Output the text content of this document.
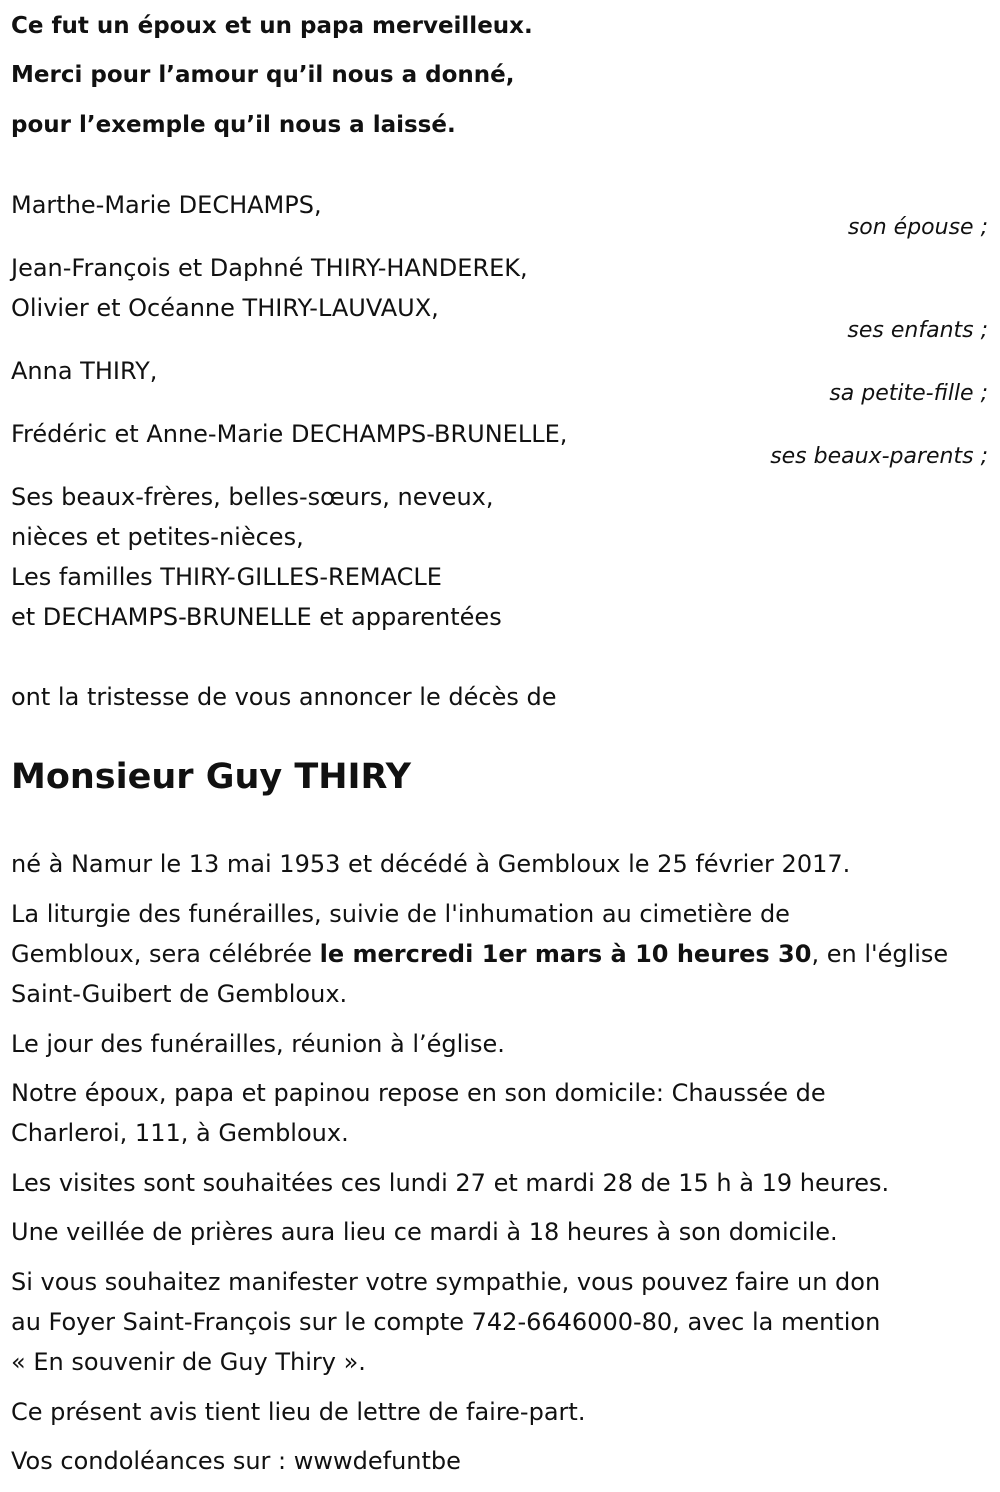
Ce fut un époux et un papa merveilleux.

Merci pour l’amour qu’il nous a donné,

pour l’exemple qu’il nous a laissé.

Marthe-Marie DECHAMPS,

son épouse ;

Jean-François et Daphné THIRY-HANDEREK,

Olivier et Océanne THIRY-LAUVAUX,

ses enfants ;

Anna THIRY,

sa petite-fille ;

Frédéric et Anne-Marie DECHAMPS-BRUNELLE,

ses beaux-parents ;

Ses beaux-frères, belles-sœurs, neveux,

nièces et petites-nièces,

Les familles THIRY-GILLES-REMACLE

et DECHAMPS-BRUNELLE et apparentées

ont la tristesse de vous annoncer le décès de

Monsieur Guy THIRY

né à Namur le 13 mai 1953 et décédé à Gembloux le 25 février 2017.

La liturgie des funérailles, suivie de l'inhumation au cimetière de

Gembloux, sera célébrée le mercredi 1er mars à 10 heures 30, en l'église

Saint-Guibert de Gembloux.

Le jour des funérailles, réunion à l’église.

Notre époux, papa et papinou repose en son domicile: Chaussée de

Charleroi, 111, à Gembloux.

Les visites sont souhaitées ces lundi 27 et mardi 28 de 15 h à 19 heures.

Une veillée de prières aura lieu ce mardi à 18 heures à son domicile.

Si vous souhaitez manifester votre sympathie, vous pouvez faire un don

au Foyer Saint-François sur le compte 742-6646000-80, avec la mention

« En souvenir de Guy Thiry ».

Ce présent avis tient lieu de lettre de faire-part.

Vos condoléances sur : wwwdefuntbe
